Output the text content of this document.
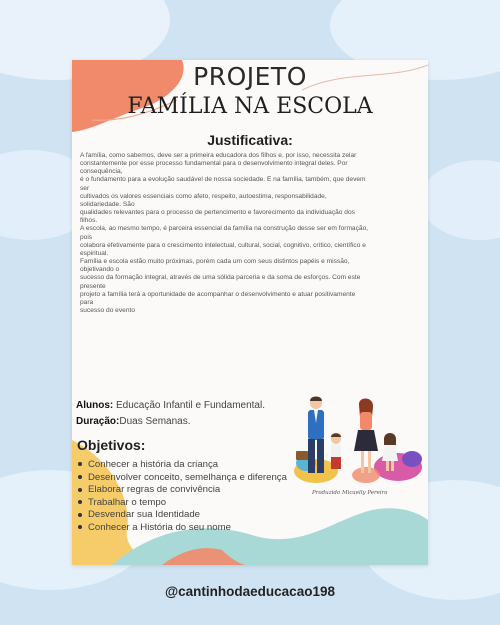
PROJETO
FAMÍLIA NA ESCOLA
Justificativa:
A família, como sabemos, deve ser a primeira educadora dos filhos e, por isso, necessita zelar
constantemente por esse processo fundamental para o desenvolvimento integral deles. Por
consequência,
é o fundamento para a evolução saudável de nossa sociedade. É na família, também, que devem
ser
cultivados os valores essenciais como afeto, respeito, autoestima, responsabilidade,
solidariedade. São
qualidades relevantes para o processo de pertencimento e favorecimento da individuação dos
filhos.
A escola, ao mesmo tempo, é parceira essencial da família na construção desse ser em formação,
pois
colabora efetivamente para o crescimento intelectual, cultural, social, cognitivo, crítico, científico e
espiritual.
Família e escola estão muito próximas, porém cada um com seus distintos papéis e missão,
objetivando o
sucesso da formação integral, através de uma sólida parceria e da soma de esforços. Com este
presente
projeto a família terá a oportunidade de acompanhar o desenvolvimento e atuar positivamente
para
sucesso do evento
Alunos: Educação Infantil e Fundamental.
Duração:Duas Semanas.
Objetivos:
Conhecer a história da criança
Desenvolver conceito, semelhança e diferença
Elaborar regras de convivência
Trabalhar o tempo
Desvendar sua Identidade
Conhecer a História do seu nome
Produzido Micaelly Pereira
@cantinhodaeducacao198
